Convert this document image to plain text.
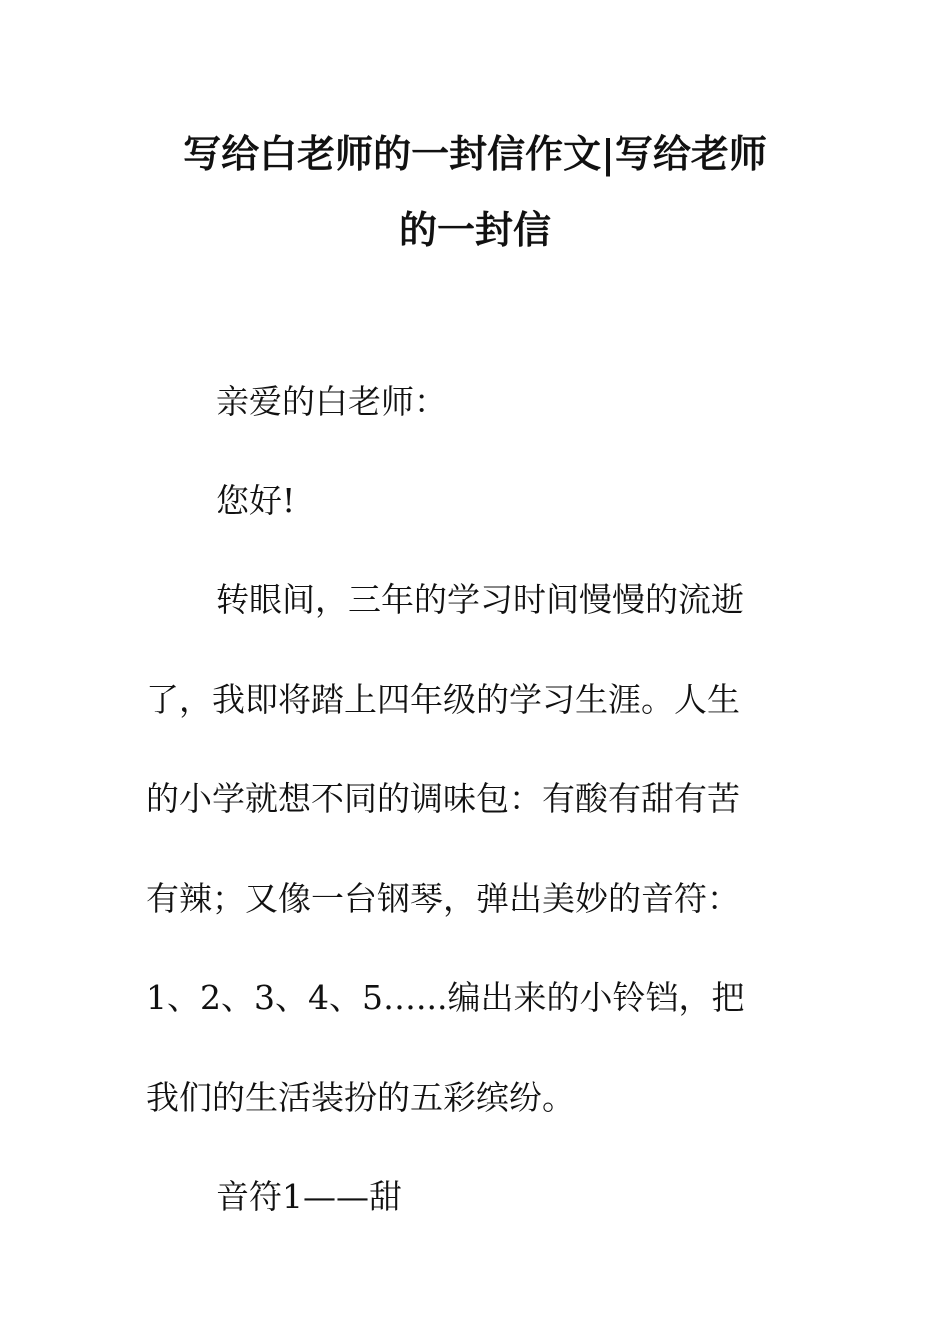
写给白老师的一封信作文|写给老师
的一封信
亲爱的白老师：
您好!
转眼间，三年的学习时间慢慢的流逝
了，我即将踏上四年级的学习生涯。人生
的小学就想不同的调味包：有酸有甜有苦
有辣；又像一台钢琴，弹出美妙的音符：
1、2、3、4、5…...编出来的小铃铛，把
我们的生活装扮的五彩缤纷。
音符1——甜
